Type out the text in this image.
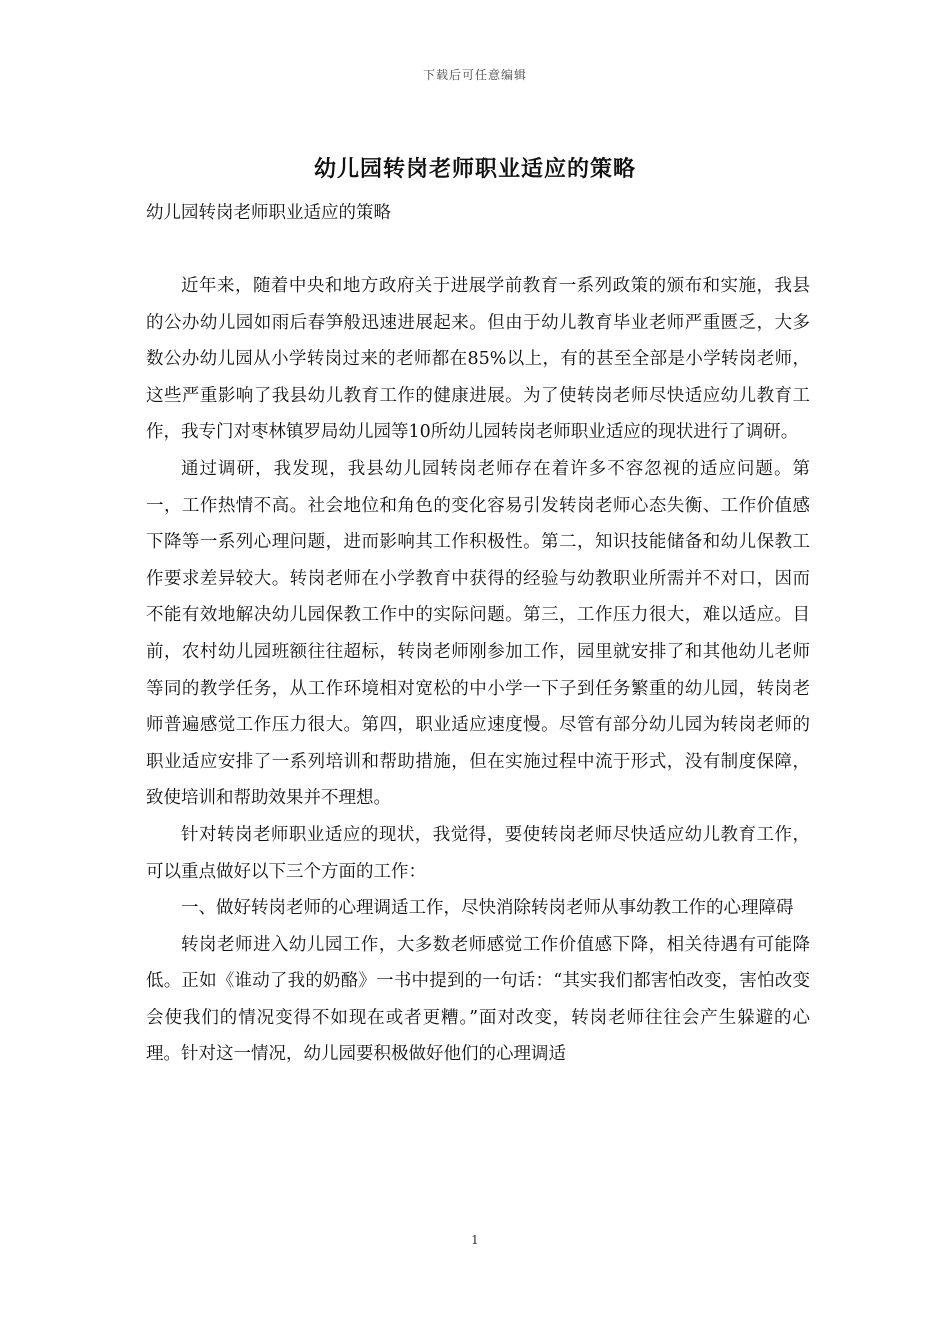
下载后可任意编辑
幼儿园转岗老师职业适应的策略
幼儿园转岗老师职业适应的策略

近年来，随着中央和地方政府关于进展学前教育一系列政策的颁布和实施，我县的公办幼儿园如雨后春笋般迅速进展起来。但由于幼儿教育毕业老师严重匮乏，大多数公办幼儿园从小学转岗过来的老师都在85%以上，有的甚至全部是小学转岗老师，这些严重影响了我县幼儿教育工作的健康进展。为了使转岗老师尽快适应幼儿教育工作，我专门对枣林镇罗局幼儿园等10所幼儿园转岗老师职业适应的现状进行了调研。

通过调研，我发现，我县幼儿园转岗老师存在着许多不容忽视的适应问题。第一，工作热情不高。社会地位和角色的变化容易引发转岗老师心态失衡、工作价值感下降等一系列心理问题，进而影响其工作积极性。第二，知识技能储备和幼儿保教工作要求差异较大。转岗老师在小学教育中获得的经验与幼教职业所需并不对口，因而不能有效地解决幼儿园保教工作中的实际问题。第三，工作压力很大，难以适应。目前，农村幼儿园班额往往超标，转岗老师刚参加工作，园里就安排了和其他幼儿老师等同的教学任务，从工作环境相对宽松的中小学一下子到任务繁重的幼儿园，转岗老师普遍感觉工作压力很大。第四，职业适应速度慢。尽管有部分幼儿园为转岗老师的职业适应安排了一系列培训和帮助措施，但在实施过程中流于形式，没有制度保障，致使培训和帮助效果并不理想。

针对转岗老师职业适应的现状，我觉得，要使转岗老师尽快适应幼儿教育工作，可以重点做好以下三个方面的工作：

一、做好转岗老师的心理调适工作，尽快消除转岗老师从事幼教工作的心理障碍

转岗老师进入幼儿园工作，大多数老师感觉工作价值感下降，相关待遇有可能降低。正如《谁动了我的奶酪》一书中提到的一句话：“其实我们都害怕改变，害怕改变会使我们的情况变得不如现在或者更糟。”面对改变，转岗老师往往会产生躲避的心理。针对这一情况，幼儿园要积极做好他们的心理调适

1
